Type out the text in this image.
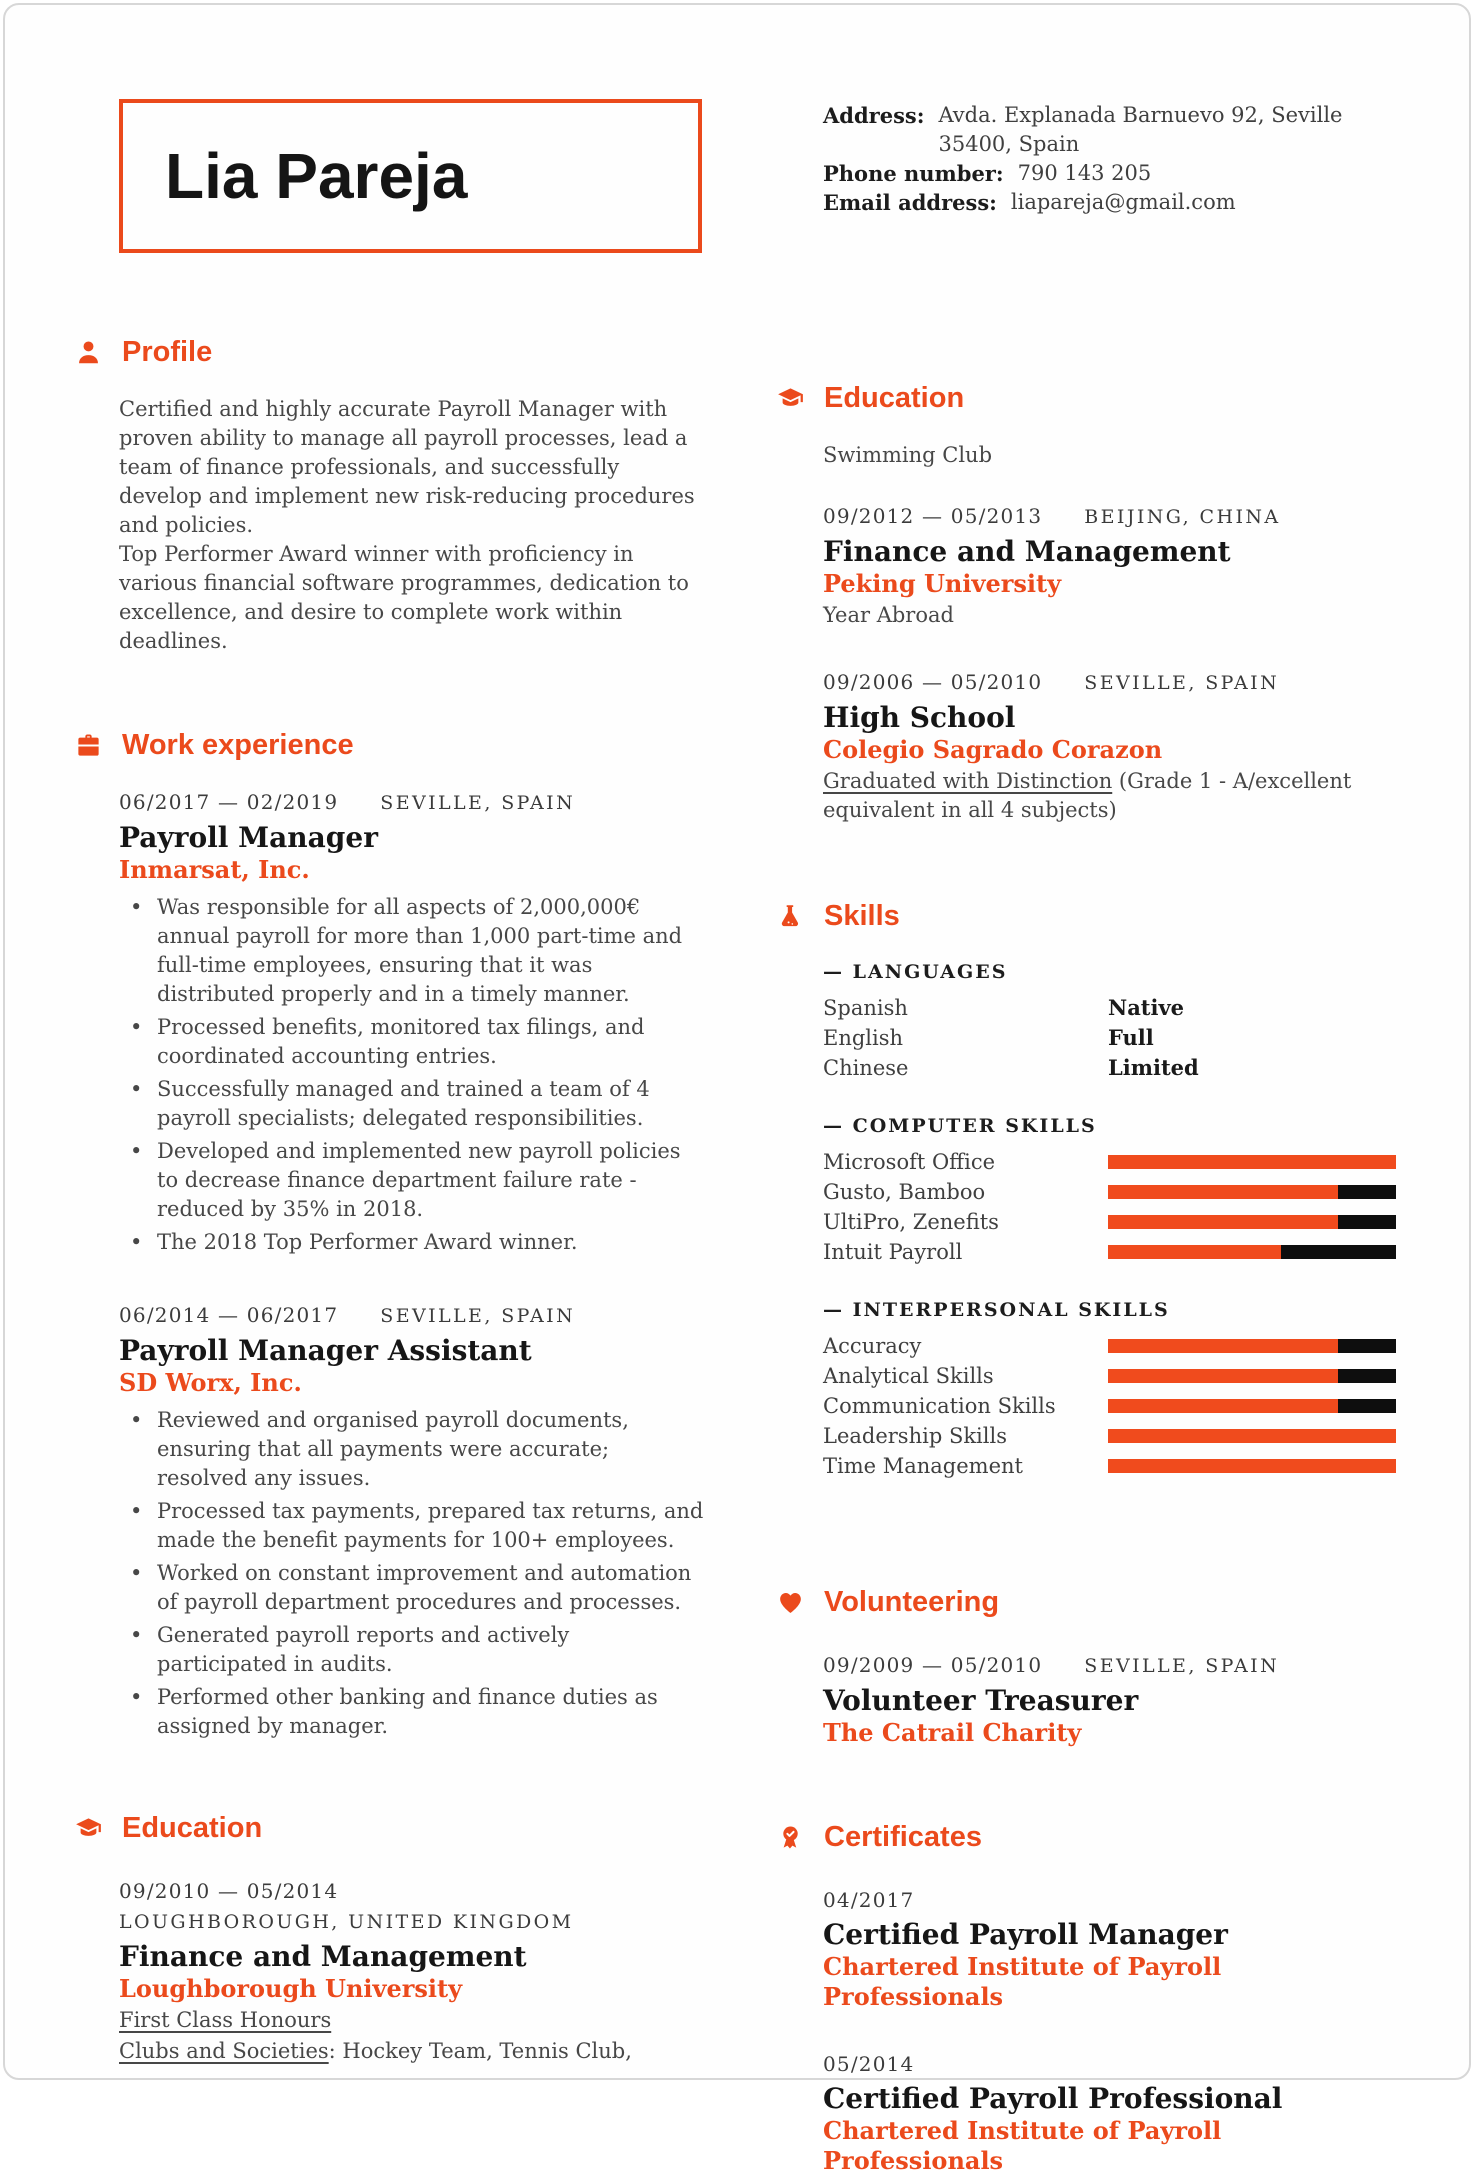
Lia Pareja
Address: Avda. Explanada Barnuevo 92, Seville 35400, Spain
Phone number: 790 143 205
Email address: liapareja@gmail.com
Profile

Certified and highly accurate Payroll Manager with proven ability to manage all payroll processes, lead a team of finance professionals, and successfully develop and implement new risk-reducing procedures and policies.

Top Performer Award winner with proficiency in various financial software programmes, dedication to excellence, and desire to complete work within deadlines.

Work experience
06/2017 — 02/2019 SEVILLE, SPAIN
Payroll Manager
Inmarsat, Inc.
• Was responsible for all aspects of 2,000,000€ annual payroll for more than 1,000 part-time and full-time employees, ensuring that it was distributed properly and in a timely manner.
• Processed benefits, monitored tax filings, and coordinated accounting entries.
• Successfully managed and trained a team of 4 payroll specialists; delegated responsibilities.
• Developed and implemented new payroll policies to decrease finance department failure rate - reduced by 35% in 2018.
• The 2018 Top Performer Award winner.
06/2014 — 06/2017 SEVILLE, SPAIN
Payroll Manager Assistant
SD Worx, Inc.
• Reviewed and organised payroll documents, ensuring that all payments were accurate; resolved any issues.
• Processed tax payments, prepared tax returns, and made the benefit payments for 100+ employees.
• Worked on constant improvement and automation of payroll department procedures and processes.
• Generated payroll reports and actively participated in audits.
• Performed other banking and finance duties as assigned by manager.
Education
09/2010 — 05/2014
LOUGHBOROUGH, UNITED KINGDOM
Finance and Management
Loughborough University
First Class Honours
Clubs and Societies: Hockey Team, Tennis Club,
Education
Swimming Club
09/2012 — 05/2013 BEIJING, CHINA
Finance and Management
Peking University
Year Abroad
09/2006 — 05/2010 SEVILLE, SPAIN
High School
Colegio Sagrado Corazon
Graduated with Distinction (Grade 1 - A/excellent equivalent in all 4 subjects)
Skills
— LANGUAGES
Spanish	Native
English	Full
Chinese	Limited
— COMPUTER SKILLS
Microsoft Office
Gusto, Bamboo
UltiPro, Zenefits
Intuit Payroll
— INTERPERSONAL SKILLS
Accuracy
Analytical Skills
Communication Skills
Leadership Skills
Time Management
Volunteering
09/2009 — 05/2010 SEVILLE, SPAIN
Volunteer Treasurer
The Catrail Charity
Certificates
04/2017
Certified Payroll Manager
Chartered Institute of Payroll Professionals
05/2014
Certified Payroll Professional
Chartered Institute of Payroll Professionals
